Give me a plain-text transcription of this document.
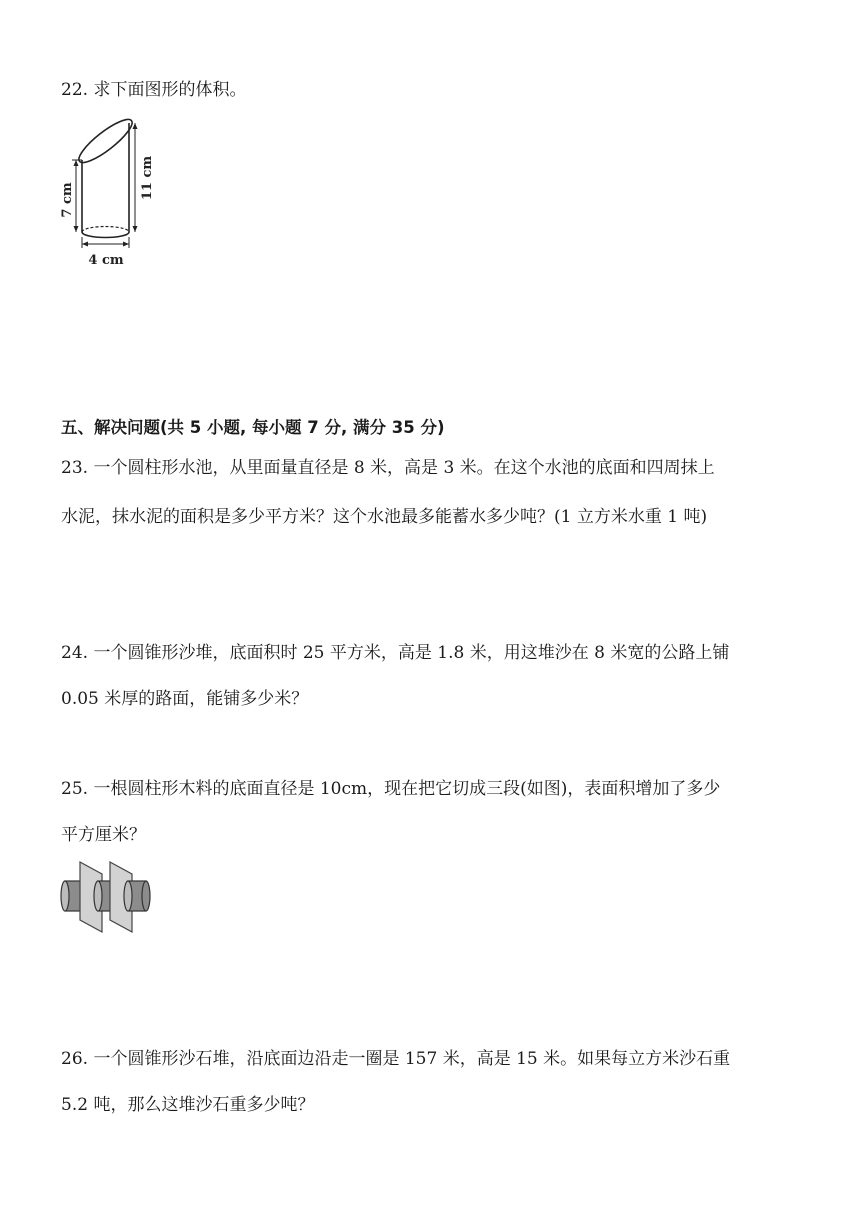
22. 求下面图形的体积。
7 cm	11 cm
4 cm
五、解决问题(共 5 小题, 每小题 7 分, 满分 35 分)
23. 一个圆柱形水池，从里面量直径是 8 米，高是 3 米。在这个水池的底面和四周抹上
水泥，抹水泥的面积是多少平方米？这个水池最多能蓄水多少吨？(1 立方米水重 1 吨)
24. 一个圆锥形沙堆，底面积时 25 平方米，高是 1.8 米，用这堆沙在 8 米宽的公路上铺
0.05 米厚的路面，能铺多少米？
25. 一根圆柱形木料的底面直径是 10cm，现在把它切成三段(如图)，表面积增加了多少
平方厘米？
26. 一个圆锥形沙石堆，沿底面边沿走一圈是 157 米，高是 15 米。如果每立方米沙石重
5.2 吨，那么这堆沙石重多少吨？
